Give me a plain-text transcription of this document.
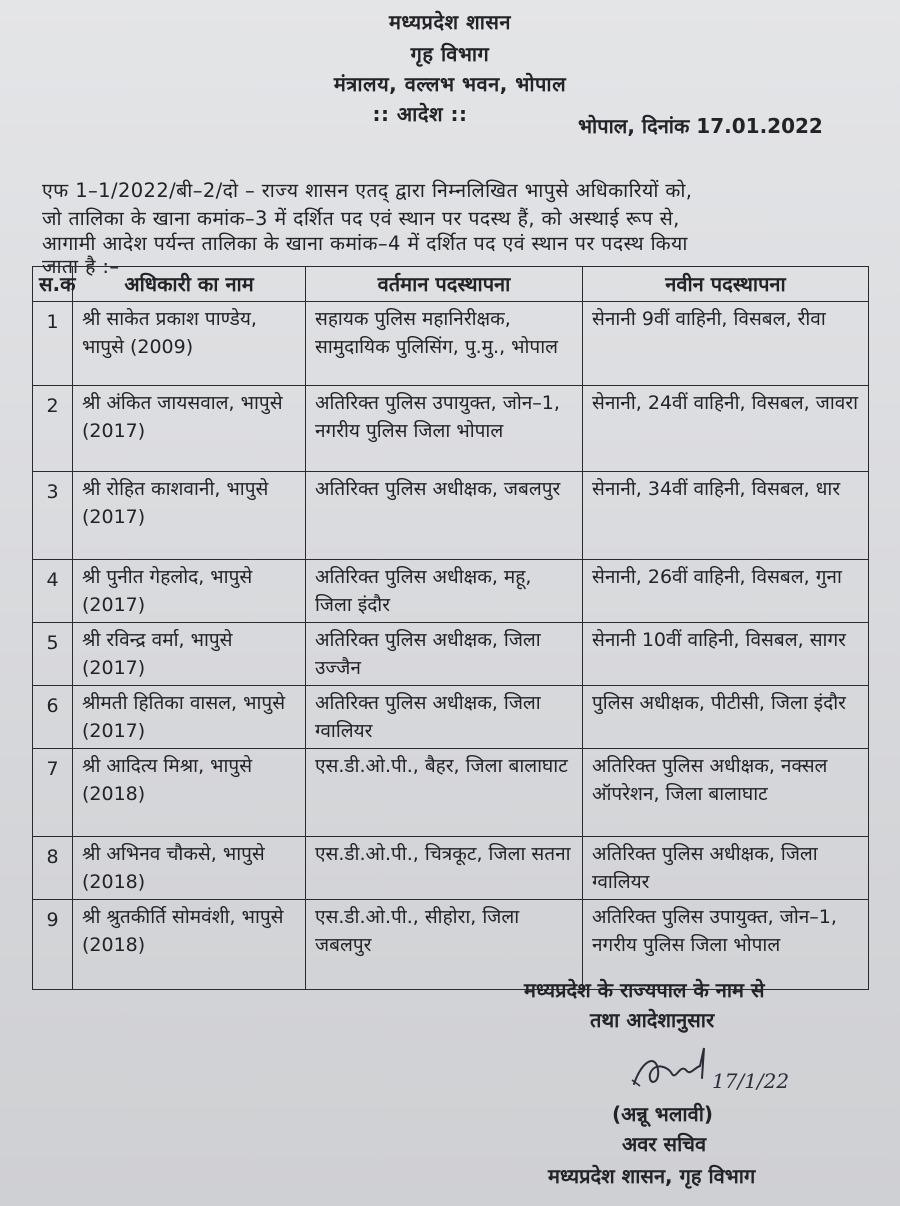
मध्यप्रदेश शासन
गृह विभाग
मंत्रालय, वल्लभ भवन, भोपाल
:: आदेश ::	भोपाल, दिनांक 17.01.2022
एफ 1–1/2022/बी–2/दो – राज्य शासन एतद् द्वारा निम्नलिखित भापुसे अधिकारियों को,
जो तालिका के खाना कमांक–3 में दर्शित पद एवं स्थान पर पदस्थ हैं, को अस्थाई रूप से,
आगामी आदेश पर्यन्त तालिका के खाना कमांक–4 में दर्शित पद एवं स्थान पर पदस्थ किया
जाता है :–
स.क	अधिकारी का नाम	वर्तमान पदस्थापना	नवीन पदस्थापना
1	श्री साकेत प्रकाश पाण्डेय, भापुसे (2009)	सहायक पुलिस महानिरीक्षक, सामुदायिक पुलिसिंग, पु.मु., भोपाल	सेनानी 9वीं वाहिनी, विसबल, रीवा
2	श्री अंकित जायसवाल, भापुसे (2017)	अतिरिक्त पुलिस उपायुक्त, जोन–1, नगरीय पुलिस जिला भोपाल	सेनानी, 24वीं वाहिनी, विसबल, जावरा
3	श्री रोहित काशवानी, भापुसे (2017)	अतिरिक्त पुलिस अधीक्षक, जबलपुर	सेनानी, 34वीं वाहिनी, विसबल, धार
4	श्री पुनीत गेहलोद, भापुसे (2017)	अतिरिक्त पुलिस अधीक्षक, महू, जिला इंदौर	सेनानी, 26वीं वाहिनी, विसबल, गुना
5	श्री रविन्द्र वर्मा, भापुसे (2017)	अतिरिक्त पुलिस अधीक्षक, जिला उज्जैन	सेनानी 10वीं वाहिनी, विसबल, सागर
6	श्रीमती हितिका वासल, भापुसे (2017)	अतिरिक्त पुलिस अधीक्षक, जिला ग्वालियर	पुलिस अधीक्षक, पीटीसी, जिला इंदौर
7	श्री आदित्य मिश्रा, भापुसे (2018)	एस.डी.ओ.पी., बैहर, जिला बालाघाट	अतिरिक्त पुलिस अधीक्षक, नक्सल ऑपरेशन, जिला बालाघाट
8	श्री अभिनव चौकसे, भापुसे (2018)	एस.डी.ओ.पी., चित्रकूट, जिला सतना	अतिरिक्त पुलिस अधीक्षक, जिला ग्वालियर
9	श्री श्रुतकीर्ति सोमवंशी, भापुसे (2018)	एस.डी.ओ.पी., सीहोरा, जिला जबलपुर	अतिरिक्त पुलिस उपायुक्त, जोन–1, नगरीय पुलिस जिला भोपाल
मध्यप्रदेश के राज्यपाल के नाम से
तथा आदेशानुसार
17/1/22
(अन्नू भलावी)
अवर सचिव
मध्यप्रदेश शासन, गृह विभाग
